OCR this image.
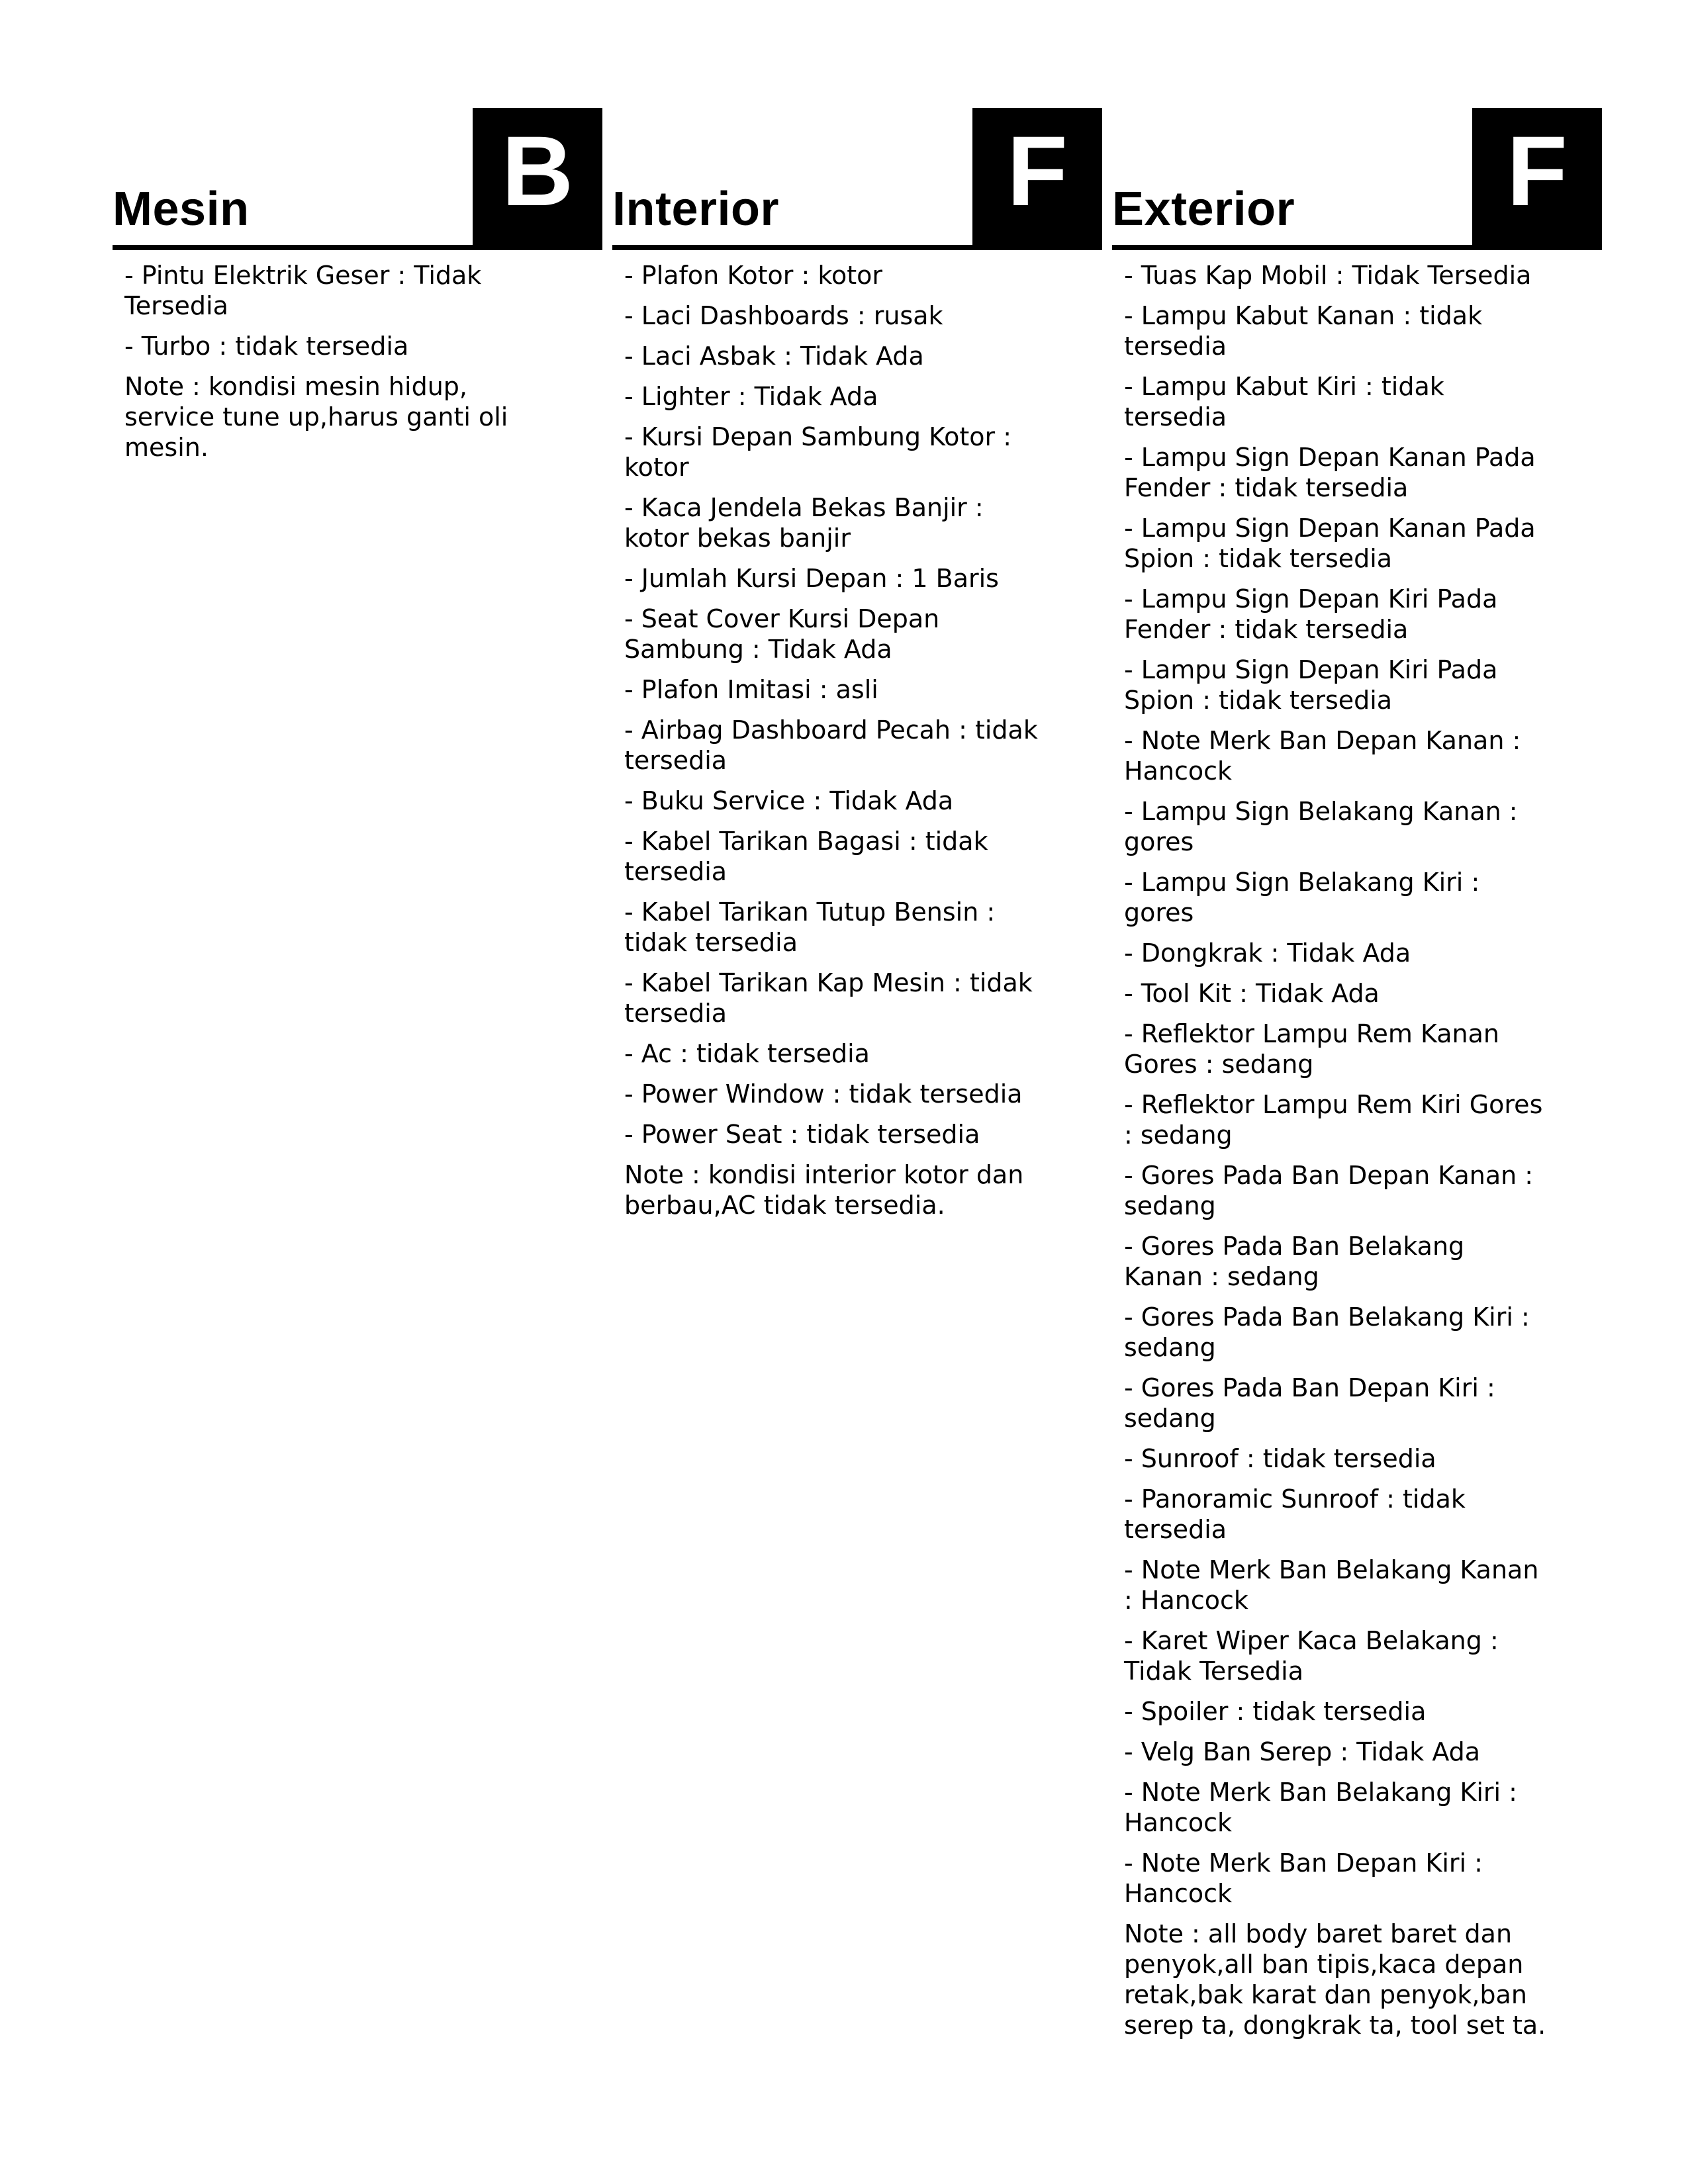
Mesin	B
- Pintu Elektrik Geser : Tidak Tersedia
- Turbo : tidak tersedia

Note : kondisi mesin hidup, service tune up,harus ganti oli mesin.

Interior	F
- Plafon Kotor : kotor
- Laci Dashboards : rusak
- Laci Asbak : Tidak Ada
- Lighter : Tidak Ada
- Kursi Depan Sambung Kotor : kotor
- Kaca Jendela Bekas Banjir : kotor bekas banjir
- Jumlah Kursi Depan : 1 Baris
- Seat Cover Kursi Depan Sambung : Tidak Ada
- Plafon Imitasi : asli
- Airbag Dashboard Pecah : tidak tersedia
- Buku Service : Tidak Ada
- Kabel Tarikan Bagasi : tidak tersedia
- Kabel Tarikan Tutup Bensin : tidak tersedia
- Kabel Tarikan Kap Mesin : tidak tersedia
- Ac : tidak tersedia
- Power Window : tidak tersedia
- Power Seat : tidak tersedia

Note : kondisi interior kotor dan berbau,AC tidak tersedia.

Exterior	F
- Tuas Kap Mobil : Tidak Tersedia
- Lampu Kabut Kanan : tidak tersedia
- Lampu Kabut Kiri : tidak tersedia
- Lampu Sign Depan Kanan Pada Fender : tidak tersedia
- Lampu Sign Depan Kanan Pada Spion : tidak tersedia
- Lampu Sign Depan Kiri Pada Fender : tidak tersedia
- Lampu Sign Depan Kiri Pada Spion : tidak tersedia
- Note Merk Ban Depan Kanan : Hancock
- Lampu Sign Belakang Kanan : gores
- Lampu Sign Belakang Kiri : gores
- Dongkrak : Tidak Ada
- Tool Kit : Tidak Ada
- Reflektor Lampu Rem Kanan Gores : sedang
- Reflektor Lampu Rem Kiri Gores : sedang
- Gores Pada Ban Depan Kanan : sedang
- Gores Pada Ban Belakang Kanan : sedang
- Gores Pada Ban Belakang Kiri : sedang
- Gores Pada Ban Depan Kiri : sedang
- Sunroof : tidak tersedia
- Panoramic Sunroof : tidak tersedia
- Note Merk Ban Belakang Kanan : Hancock
- Karet Wiper Kaca Belakang : Tidak Tersedia
- Spoiler : tidak tersedia
- Velg Ban Serep : Tidak Ada
- Note Merk Ban Belakang Kiri : Hancock
- Note Merk Ban Depan Kiri : Hancock

Note : all body baret baret dan penyok,all ban tipis,kaca depan retak,bak karat dan penyok,ban serep ta, dongkrak ta, tool set ta.
